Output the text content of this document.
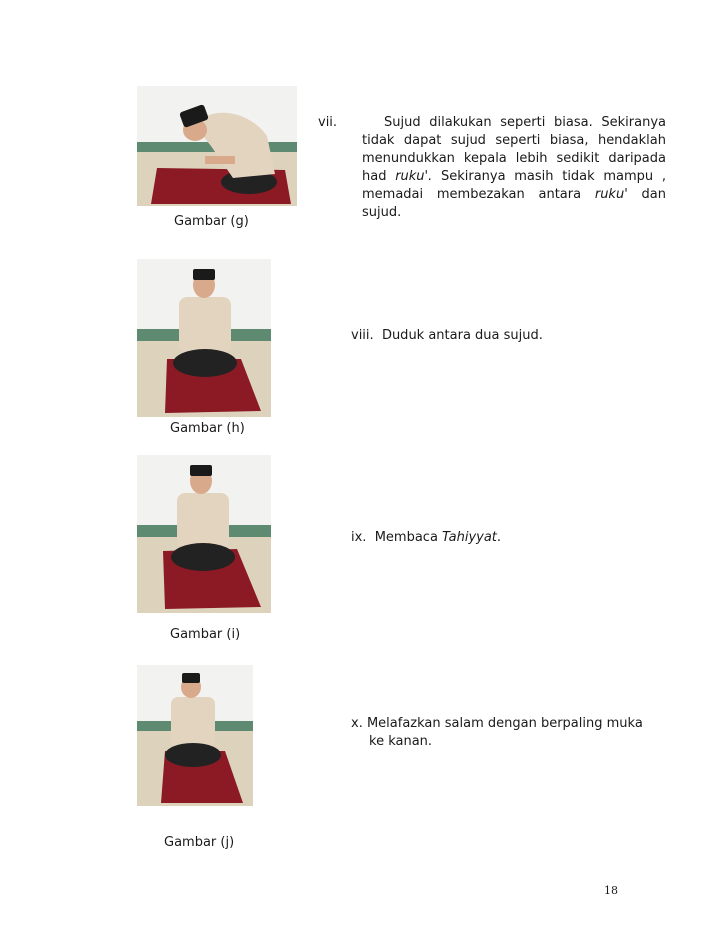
Gambar (g)
Gambar (h)
Gambar (i)
Gambar (j)

vii.	Sujud dilakukan seperti biasa. Sekiranya tidak dapat sujud seperti biasa, hendaklah menundukkan kepala lebih sedikit daripada had ruku'. Sekiranya masih tidak mampu , memadai membezakan antara ruku' dan sujud.

viii. Duduk antara dua sujud.
ix. Membaca Tahiyyat.

x. Melafazkan salam dengan berpaling muka

ke kanan.

18
